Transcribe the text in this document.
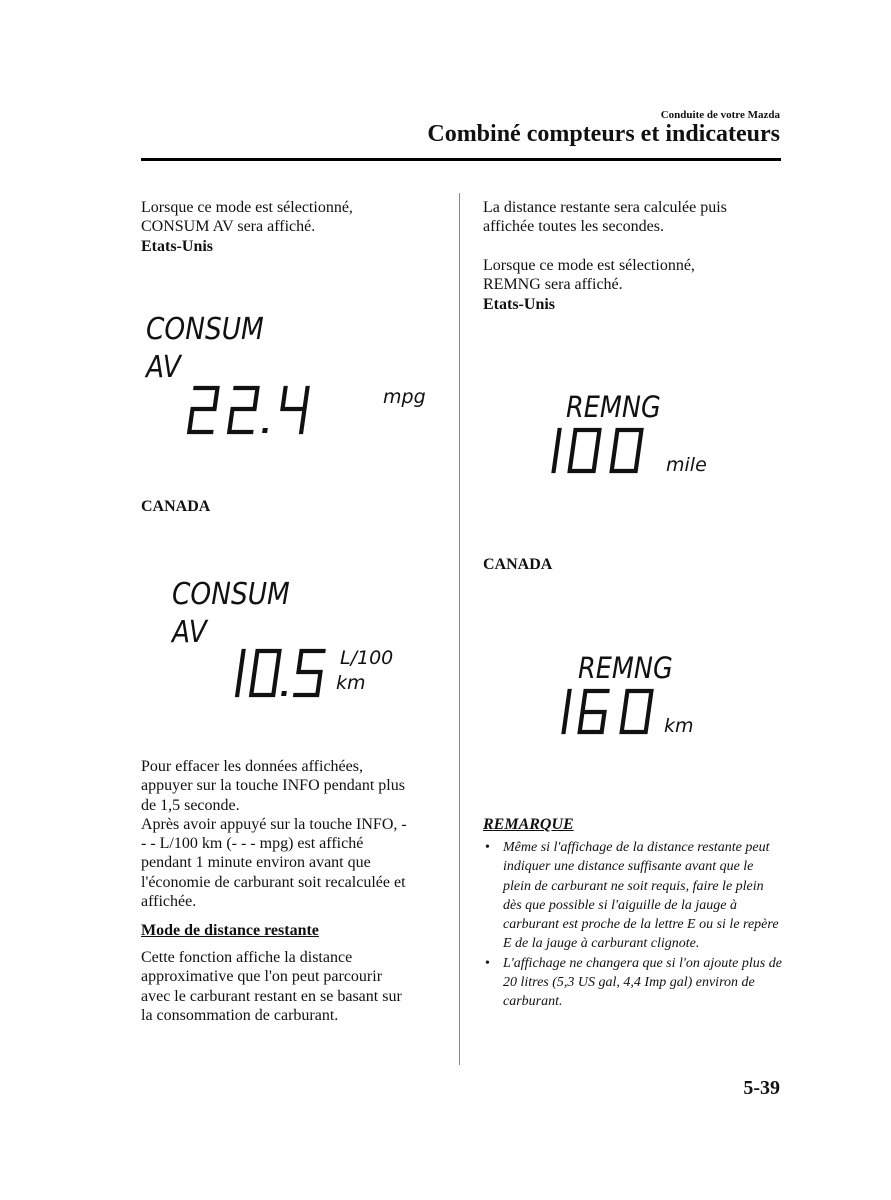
Conduite de votre Mazda
Combiné compteurs et indicateurs
Lorsque ce mode est sélectionné,
CONSUM AV sera affiché.
Etats-Unis
CONSUM
AV
mpg
CANADA
CONSUM
AV
L/100
km
Pour effacer les données affichées,
appuyer sur la touche INFO pendant plus
de 1,5 seconde.
Après avoir appuyé sur la touche INFO, -
- - L/100 km (- - - mpg) est affiché
pendant 1 minute environ avant que
l'économie de carburant soit recalculée et
affichée.
Mode de distance restante
Cette fonction affiche la distance
approximative que l'on peut parcourir
avec le carburant restant en se basant sur
la consommation de carburant.
La distance restante sera calculée puis
affichée toutes les secondes.
Lorsque ce mode est sélectionné,
REMNG sera affiché.
Etats-Unis
REMNG
mile
CANADA
REMNG
km
REMARQUE
• Même si l'affichage de la distance restante peut indiquer une distance suffisante avant que le plein de carburant ne soit requis, faire le plein dès que possible si l'aiguille de la jauge à carburant est proche de la lettre E ou si le repère E de la jauge à carburant clignote.
• L'affichage ne changera que si l'on ajoute plus de 20 litres (5,3 US gal, 4,4 Imp gal) environ de carburant.
5-39
